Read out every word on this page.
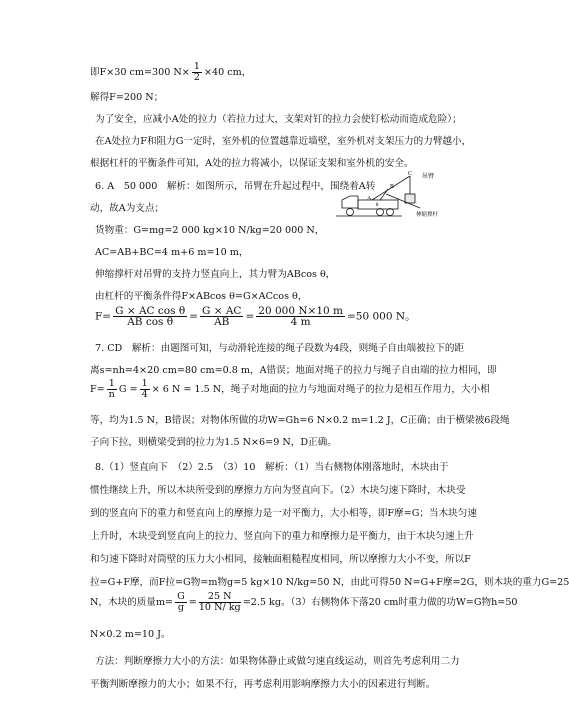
即F×30 cm=300 $N\times \frac{1}{2} \times 40$ cm，
解得F=200 N；
为了安全，应减小A处的拉力（若拉力过大，支架对钉的拉力会使钉松动而造成危险）；
在A处拉力F和阻力G一定时，室外机的位置越靠近墙壁，室外机对支架压力的力臂越小，
根据杠杆的平衡条件可知，A处的拉力将减小，以保证支架和室外机的安全。
6. A　50 000　解析：如图所示，吊臂在升起过程中，围绕着A转
动，故A为支点；
货物重：G=mg=2 000 kg×10 N/kg=20 000 N，
AC=AB+BC=4 m+6 m=10 m，
伸缩撑杆对吊臂的支持力竖直向上，其力臂为ABcos θ，
由杠杆的平衡条件得F×ABcos θ=G×ACcos θ，
$F= \frac{\text{G × AC cos θ}}{\text{AB cos θ}} = \frac{G \times AC}{AB} = \frac{20 000 N\times 10 m}{4 m} =50$ 000 N。
7. CD　解析：由题图可知，与动滑轮连接的绳子段数为4段，则绳子自由端被拉下的距
离s=nh=4×20 cm=80 cm=0.8 m，A错误；地面对绳子的拉力与绳子自由端的拉力相同，即
$F= \frac{1}{n}$ $G = \frac{1}{4} \times 6$ N = 1.5 N，绳子对地面的拉力与地面对绳子的拉力是相互作用力，大小相
等，均为1.5 N，B错误；对物体所做的功W=Gh=6 N×0.2 m=1.2 J，C正确；由于横梁被6段绳
子向下拉，则横梁受到的拉力为1.5 N×6=9 N，D正确。
8.（1）竖直向下　（2）2.5　（3）10　解析：（1）当右侧物体刚落地时，木块由于
惯性继续上升，所以木块所受到的摩擦力方向为竖直向下。（2）木块匀速下降时，木块受
到的竖直向下的重力和竖直向上的摩擦力是一对平衡力，大小相等，即F摩=G；当木块匀速
上升时，木块受到竖直向上的拉力、竖直向下的重力和摩擦力是平衡力，由于木块匀速上升
和匀速下降时对筒壁的压力大小相同，接触面粗糙程度相同，所以摩擦力大小不变，所以F
拉=G+F摩，而F拉=G物=m物g=5 kg×10 N/kg=50 N，由此可得50 N=G+F摩=2G，则木块的重力G=25
N，木块的质量$m= \frac{G}{g} = \frac{25 N}{10 N/ kg} =2.5$ kg。（3）右侧物体下落20 cm时重力做的功W=G物h=50
N×0.2 m=10 J。
方法：判断摩擦力大小的方法：如果物体静止或做匀速直线运动，则首先考虑利用二力
平衡判断摩擦力的大小；如果不行，再考虑利用影响摩擦力大小的因素进行判断。
C 吊臂
B
A
θ
伸缩撑杆
